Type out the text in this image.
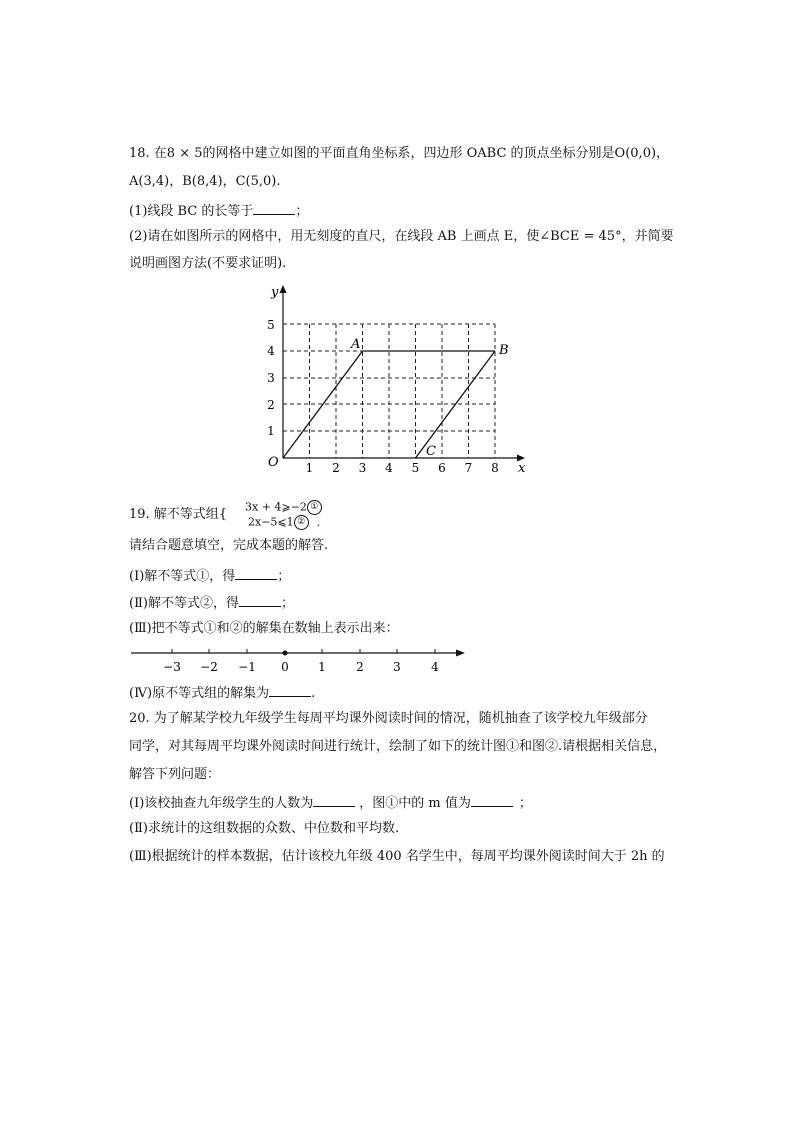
18. 在8 × 5的网格中建立如图的平面直角坐标系，四边形 OABC 的顶点坐标分别是O(0,0)，
A(3,4)，B(8,4)，C(5,0).
(1)线段 BC 的长等于	；
(2)请在如图所示的网格中，用无刻度的直尺，在线段 AB 上画点 E，使∠BCE = 45°，并简要
说明画图方法(不要求证明).
y
x
O 1 2 3 4 5 6 7 8
1
2
3
4
5
A	B
C
19. 解不等式组{ 3x + 4⩾−2 ①
2x−5⩽1 ② .
请结合题意填空，完成本题的解答.
(Ⅰ)解不等式①，得	；
(Ⅱ)解不等式②，得	；
(Ⅲ)把不等式①和②的解集在数轴上表示出来：
−3 −2 −1 0 1	2 3	4
(Ⅳ)原不等式组的解集为	.
20. 为了解某学校九年级学生每周平均课外阅读时间的情况，随机抽查了该学校九年级部分
同学，对其每周平均课外阅读时间进行统计，绘制了如下的统计图①和图②.请根据相关信息，
解答下列问题：
(Ⅰ)该校抽查九年级学生的人数为	，图①中的 m 值为	；
(Ⅱ)求统计的这组数据的众数、中位数和平均数.
(Ⅲ)根据统计的样本数据，估计该校九年级 400 名学生中，每周平均课外阅读时间大于 2h 的
